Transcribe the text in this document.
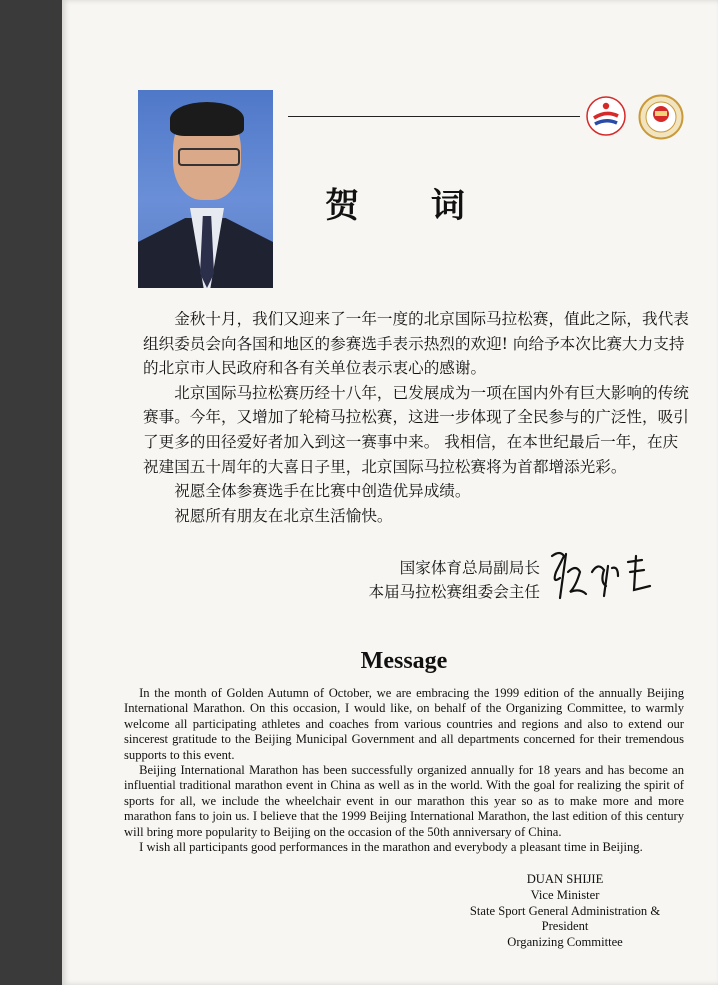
贺 词

金秋十月，我们又迎来了一年一度的北京国际马拉松赛，值此之际，我代表组织委员会向各国和地区的参赛选手表示热烈的欢迎! 向给予本次比赛大力支持的北京市人民政府和各有关单位表示衷心的感谢。

北京国际马拉松赛历经十八年，已发展成为一项在国内外有巨大影响的传统赛事。今年，又增加了轮椅马拉松赛，这进一步体现了全民参与的广泛性，吸引了更多的田径爱好者加入到这一赛事中来。 我相信，在本世纪最后一年，在庆祝建国五十周年的大喜日子里，北京国际马拉松赛将为首都增添光彩。

祝愿全体参赛选手在比赛中创造优异成绩。

祝愿所有朋友在北京生活愉快。

国家体育总局副局长
本届马拉松赛组委会主任
Message

In the month of Golden Autumn of October, we are embracing the 1999 edition of the annually Beijing International Marathon. On this occasion, I would like, on behalf of the Organizing Committee, to warmly welcome all participating athletes and coaches from various countries and regions and also to extend our sincerest gratitude to the Beijing Municipal Government and all departments concerned for their tremendous supports to this event.

Beijing International Marathon has been successfully organized annually for 18 years and has become an influential traditional marathon event in China as well as in the world. With the goal for realizing the spirit of sports for all, we include the wheelchair event in our marathon this year so as to make more and more marathon fans to join us. I believe that the 1999 Beijing International Marathon, the last edition of this century will bring more popularity to Beijing on the occasion of the 50th anniversary of China.

I wish all participants good performances in the marathon and everybody a pleasant time in Beijing.

DUAN SHIJIE
Vice Minister
State Sport General Administration &
President
Organizing Committee
